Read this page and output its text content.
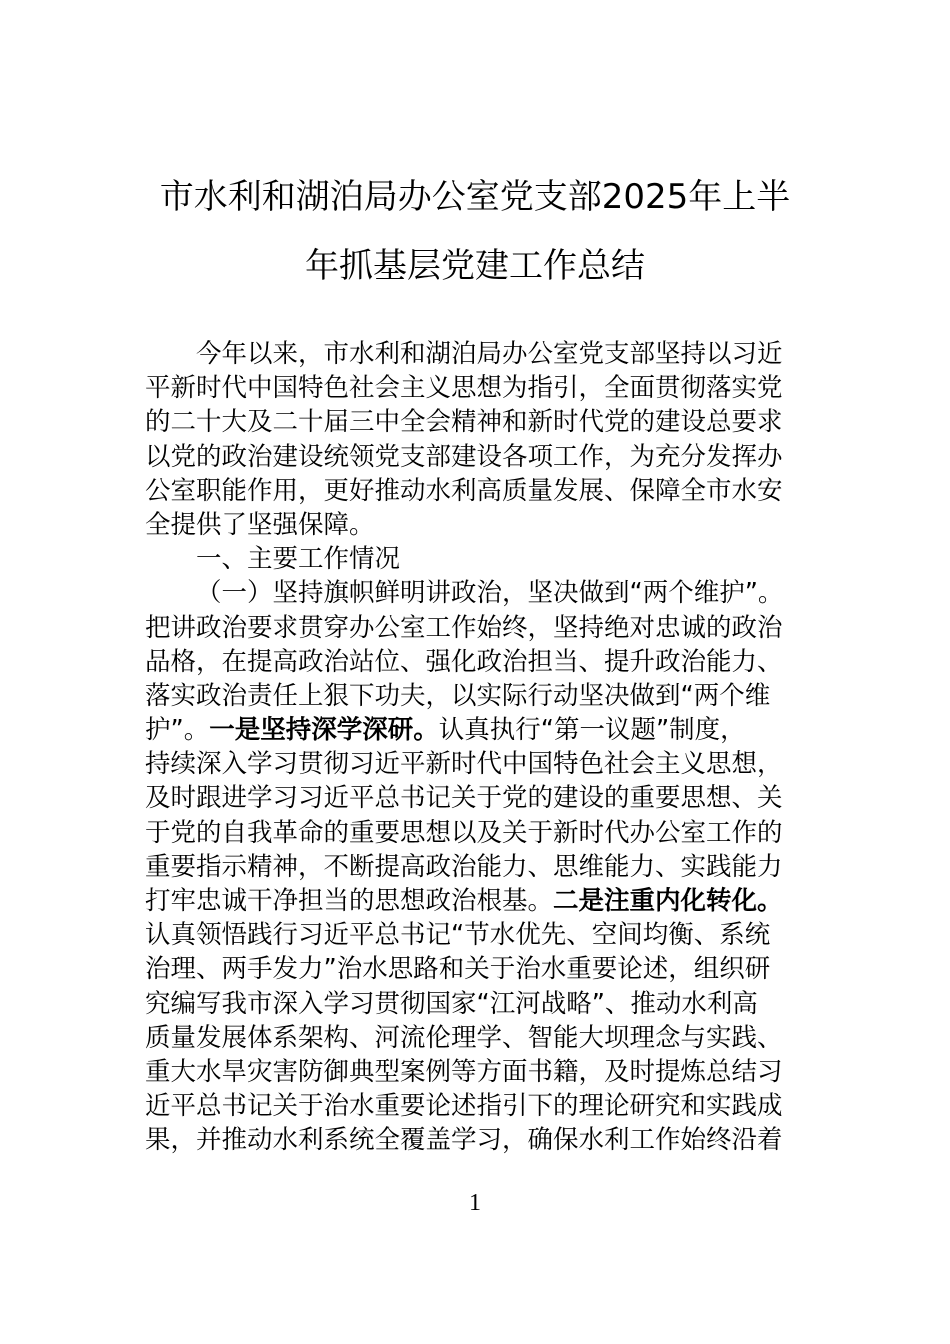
市水利和湖泊局办公室党支部2025年上半
年抓基层党建工作总结
今年以来，市水利和湖泊局办公室党支部坚持以习近
平新时代中国特色社会主义思想为指引，全面贯彻落实党
的二十大及二十届三中全会精神和新时代党的建设总要求
以党的政治建设统领党支部建设各项工作，为充分发挥办
公室职能作用，更好推动水利高质量发展、保障全市水安
全提供了坚强保障。
一、主要工作情况
（一）坚持旗帜鲜明讲政治，坚决做到“两个维护”。
把讲政治要求贯穿办公室工作始终，坚持绝对忠诚的政治
品格，在提高政治站位、强化政治担当、提升政治能力、
落实政治责任上狠下功夫，以实际行动坚决做到“两个维
护”。一是坚持深学深研。认真执行“第一议题”制度，
持续深入学习贯彻习近平新时代中国特色社会主义思想，
及时跟进学习习近平总书记关于党的建设的重要思想、关
于党的自我革命的重要思想以及关于新时代办公室工作的
重要指示精神，不断提高政治能力、思维能力、实践能力
打牢忠诚干净担当的思想政治根基。二是注重内化转化。
认真领悟践行习近平总书记“节水优先、空间均衡、系统
治理、两手发力”治水思路和关于治水重要论述，组织研
究编写我市深入学习贯彻国家“江河战略”、推动水利高
质量发展体系架构、河流伦理学、智能大坝理念与实践、
重大水旱灾害防御典型案例等方面书籍，及时提炼总结习
近平总书记关于治水重要论述指引下的理论研究和实践成
果，并推动水利系统全覆盖学习，确保水利工作始终沿着
1
